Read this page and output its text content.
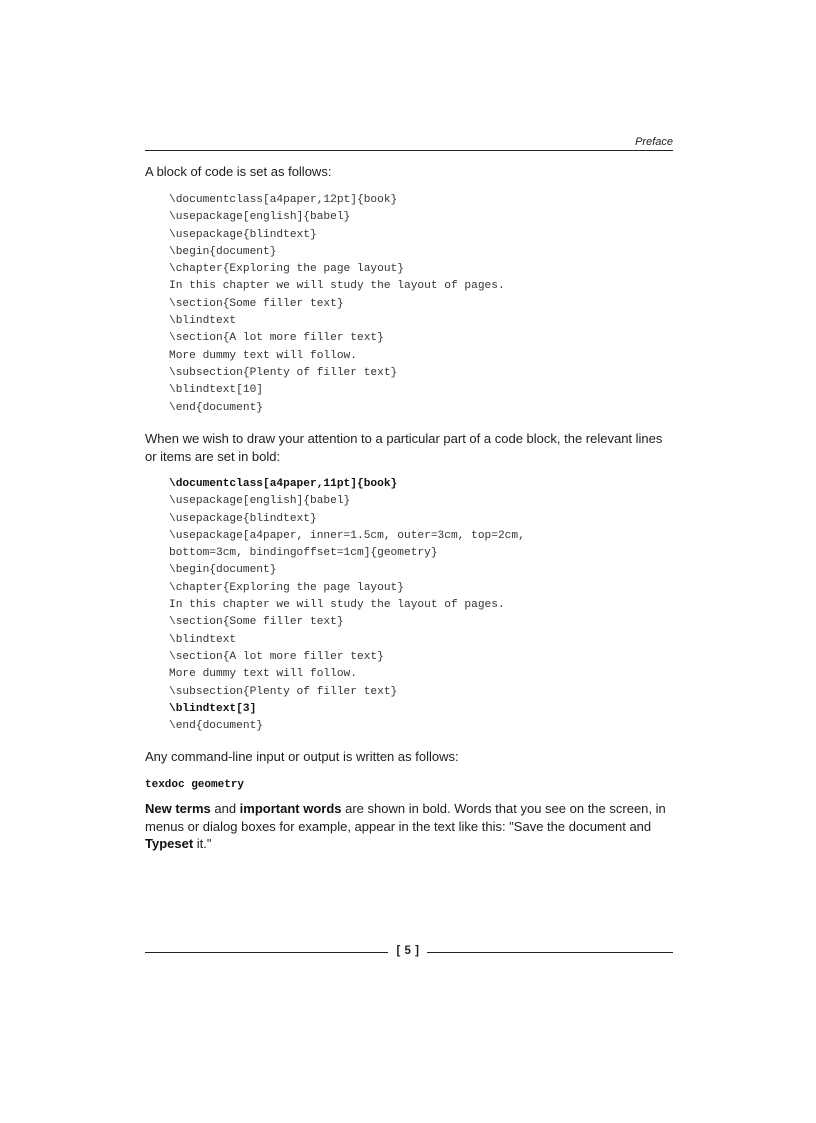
Preface
A block of code is set as follows:
\documentclass[a4paper,12pt]{book}
\usepackage[english]{babel}
\usepackage{blindtext}
\begin{document}
\chapter{Exploring the page layout}
In this chapter we will study the layout of pages.
\section{Some filler text}
\blindtext
\section{A lot more filler text}
More dummy text will follow.
\subsection{Plenty of filler text}
\blindtext[10]
\end{document}
When we wish to draw your attention to a particular part of a code block, the relevant lines or items are set in bold:
\documentclass[a4paper,11pt]{book}
\usepackage[english]{babel}
\usepackage{blindtext}
\usepackage[a4paper, inner=1.5cm, outer=3cm, top=2cm,
bottom=3cm, bindingoffset=1cm]{geometry}
\begin{document}
\chapter{Exploring the page layout}
In this chapter we will study the layout of pages.
\section{Some filler text}
\blindtext
\section{A lot more filler text}
More dummy text will follow.
\subsection{Plenty of filler text}
\blindtext[3]
\end{document}
Any command-line input or output is written as follows:
texdoc geometry
New terms and important words are shown in bold. Words that you see on the screen, in menus or dialog boxes for example, appear in the text like this: "Save the document and Typeset it."
[ 5 ]
